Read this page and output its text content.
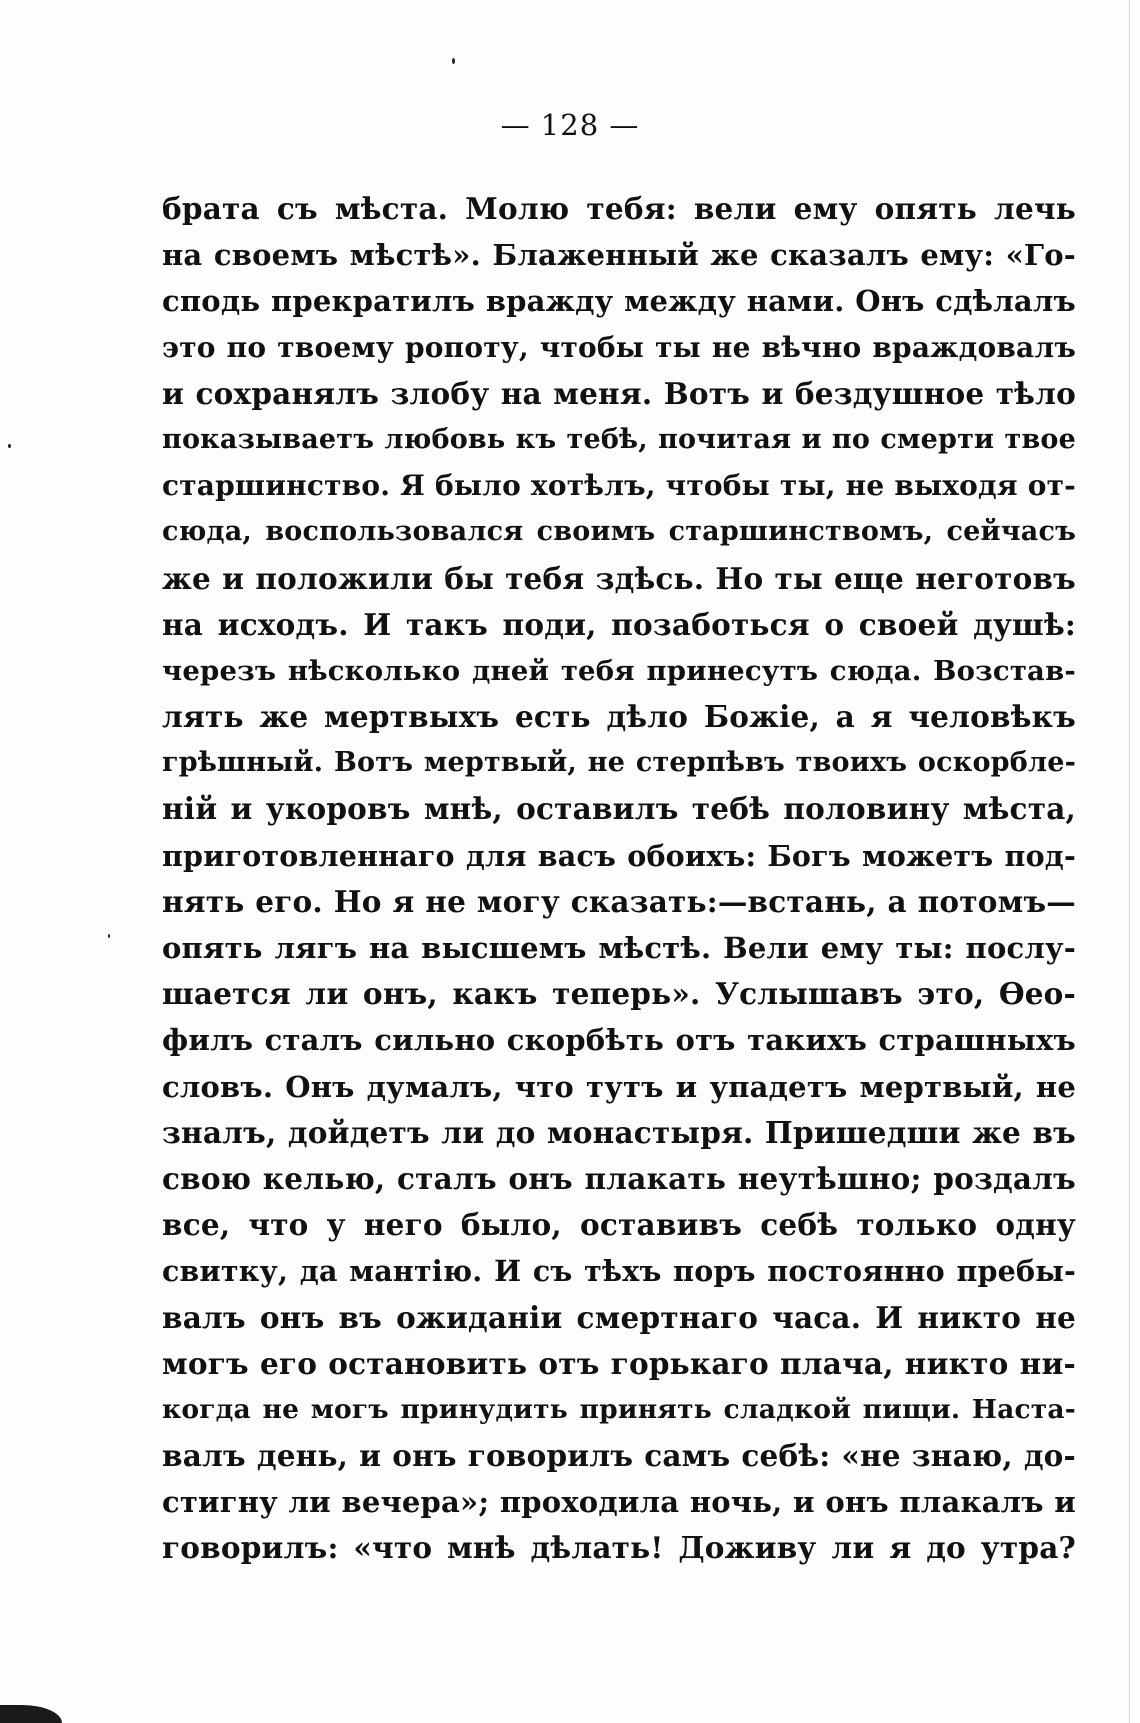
— 128 —
брата съ мѣста. Молю тебя: вели ему опять лечь
на своемъ мѣстѣ». Блаженный же сказалъ ему: «Го-
сподь прекратилъ вражду между нами. Онъ сдѣлалъ
это по твоему ропоту, чтобы ты не вѣчно враждовалъ
и сохранялъ злобу на меня. Вотъ и бездушное тѣло
показываетъ любовь къ тебѣ, почитая и по смерти твое
старшинство. Я было хотѣлъ, чтобы ты, не выходя от-
сюда, воспользовался своимъ старшинствомъ, сейчасъ
же и положили бы тебя здѣсь. Но ты еще неготовъ
на исходъ. И такъ поди, позаботься о своей душѣ:
черезъ нѣсколько дней тебя принесутъ сюда. Возстав-
лять же мертвыхъ есть дѣло Божіе, а я человѣкъ
грѣшный. Вотъ мертвый, не стерпѣвъ твоихъ оскорбле-
ній и укоровъ мнѣ, оставилъ тебѣ половину мѣста,
приготовленнаго для васъ обоихъ: Богъ можетъ под-
нять его. Но я не могу сказать:—встань, а потомъ—
опять лягъ на высшемъ мѣстѣ. Вели ему ты: послу-
шается ли онъ, какъ теперь». Услышавъ это, Ѳео-
филъ сталъ сильно скорбѣть отъ такихъ страшныхъ
словъ. Онъ думалъ, что тутъ и упадетъ мертвый, не
зналъ, дойдетъ ли до монастыря. Пришедши же въ
свою келью, сталъ онъ плакать неутѣшно; роздалъ
все, что у него было, оставивъ себѣ только одну
свитку, да мантію. И съ тѣхъ поръ постоянно пребы-
валъ онъ въ ожиданіи смертнаго часа. И никто не
могъ его остановить отъ горькаго плача, никто ни-
когда не могъ принудить принять сладкой пищи. Наста-
валъ день, и онъ говорилъ самъ себѣ: «не знаю, до-
стигну ли вечера»; проходила ночь, и онъ плакалъ и
говорилъ: «что мнѣ дѣлать! Доживу ли я до утра?
